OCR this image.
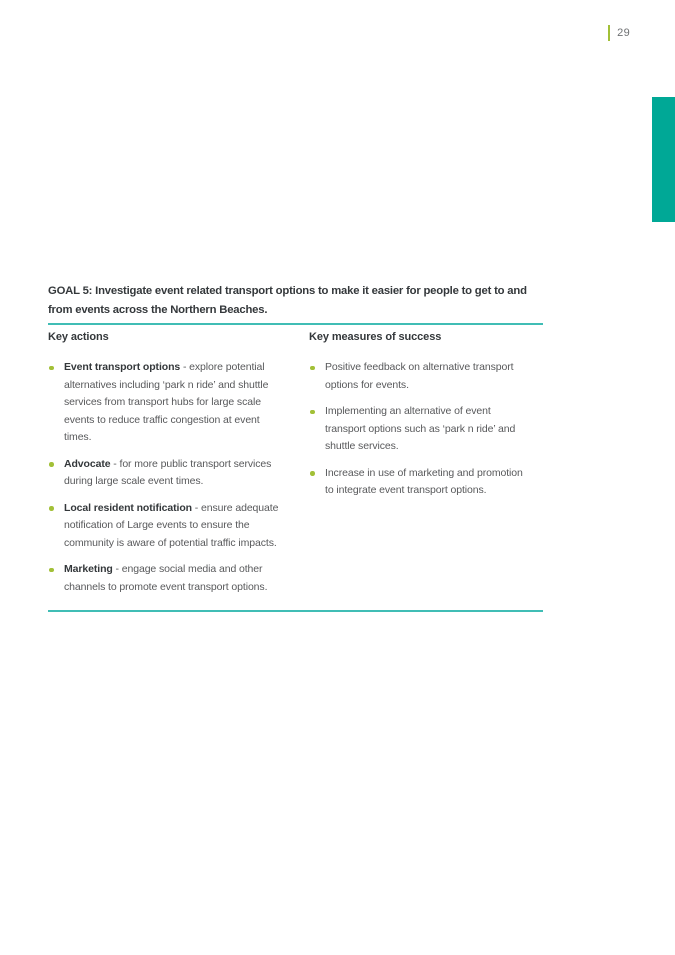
29
GOAL 5: Investigate event related transport options to make it easier for people to get to and from events across the Northern Beaches.
Key actions	Key measures of success
Event transport options - explore potential alternatives including ‘park n ride’ and shuttle services from transport hubs for large scale events to reduce traffic congestion at event times.
Advocate - for more public transport services during large scale event times.
Local resident notification - ensure adequate notification of Large events to ensure the community is aware of potential traffic impacts.
Marketing - engage social media and other channels to promote event transport options.
Positive feedback on alternative transport options for events.
Implementing an alternative of event transport options such as ‘park n ride’ and shuttle services.
Increase in use of marketing and promotion to integrate event transport options.
